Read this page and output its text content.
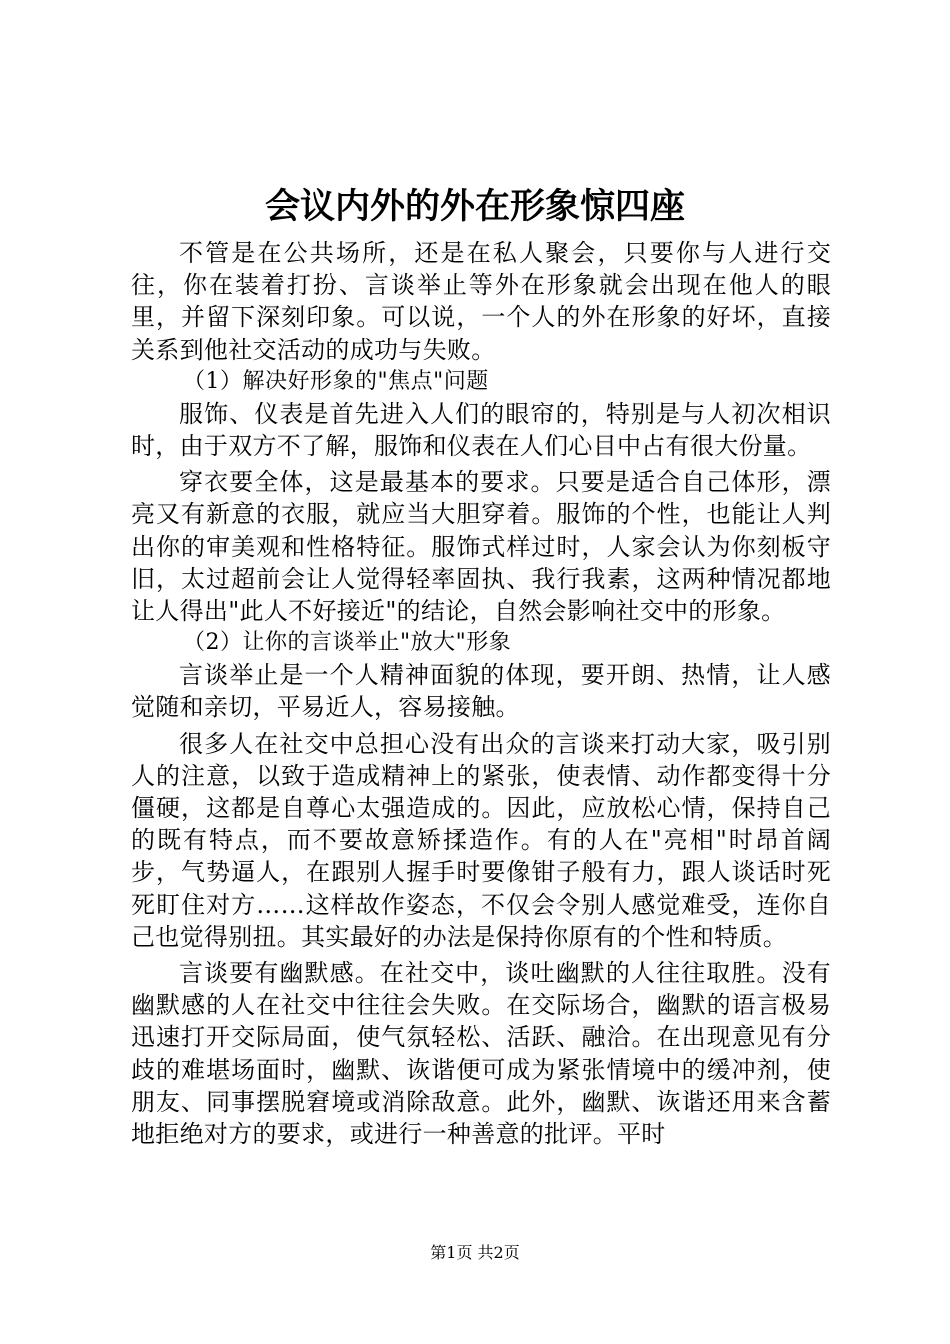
会议内外的外在形象惊四座

不管是在公共场所，还是在私人聚会，只要你与人进行交往，你在装着打扮、言谈举止等外在形象就会出现在他人的眼里，并留下深刻印象。可以说，一个人的外在形象的好坏，直接关系到他社交活动的成功与失败。

（1）解决好形象的"焦点"问题

服饰、仪表是首先进入人们的眼帘的，特别是与人初次相识时，由于双方不了解，服饰和仪表在人们心目中占有很大份量。

穿衣要全体，这是最基本的要求。只要是适合自己体形，漂亮又有新意的衣服，就应当大胆穿着。服饰的个性，也能让人判出你的审美观和性格特征。服饰式样过时，人家会认为你刻板守旧，太过超前会让人觉得轻率固执、我行我素，这两种情况都地让人得出"此人不好接近"的结论，自然会影响社交中的形象。

（2）让你的言谈举止"放大"形象

言谈举止是一个人精神面貌的体现，要开朗、热情，让人感觉随和亲切，平易近人，容易接触。

很多人在社交中总担心没有出众的言谈来打动大家，吸引别人的注意，以致于造成精神上的紧张，使表情、动作都变得十分僵硬，这都是自尊心太强造成的。因此，应放松心情，保持自己的既有特点，而不要故意矫揉造作。有的人在"亮相"时昂首阔步，气势逼人，在跟别人握手时要像钳子般有力，跟人谈话时死死盯住对方……这样故作姿态，不仅会令别人感觉难受，连你自己也觉得别扭。其实最好的办法是保持你原有的个性和特质。

言谈要有幽默感。在社交中，谈吐幽默的人往往取胜。没有幽默感的人在社交中往往会失败。在交际场合，幽默的语言极易迅速打开交际局面，使气氛轻松、活跃、融洽。在出现意见有分歧的难堪场面时，幽默、诙谐便可成为紧张情境中的缓冲剂，使朋友、同事摆脱窘境或消除敌意。此外，幽默、诙谐还用来含蓄地拒绝对方的要求，或进行一种善意的批评。平时

第1页 共2页
